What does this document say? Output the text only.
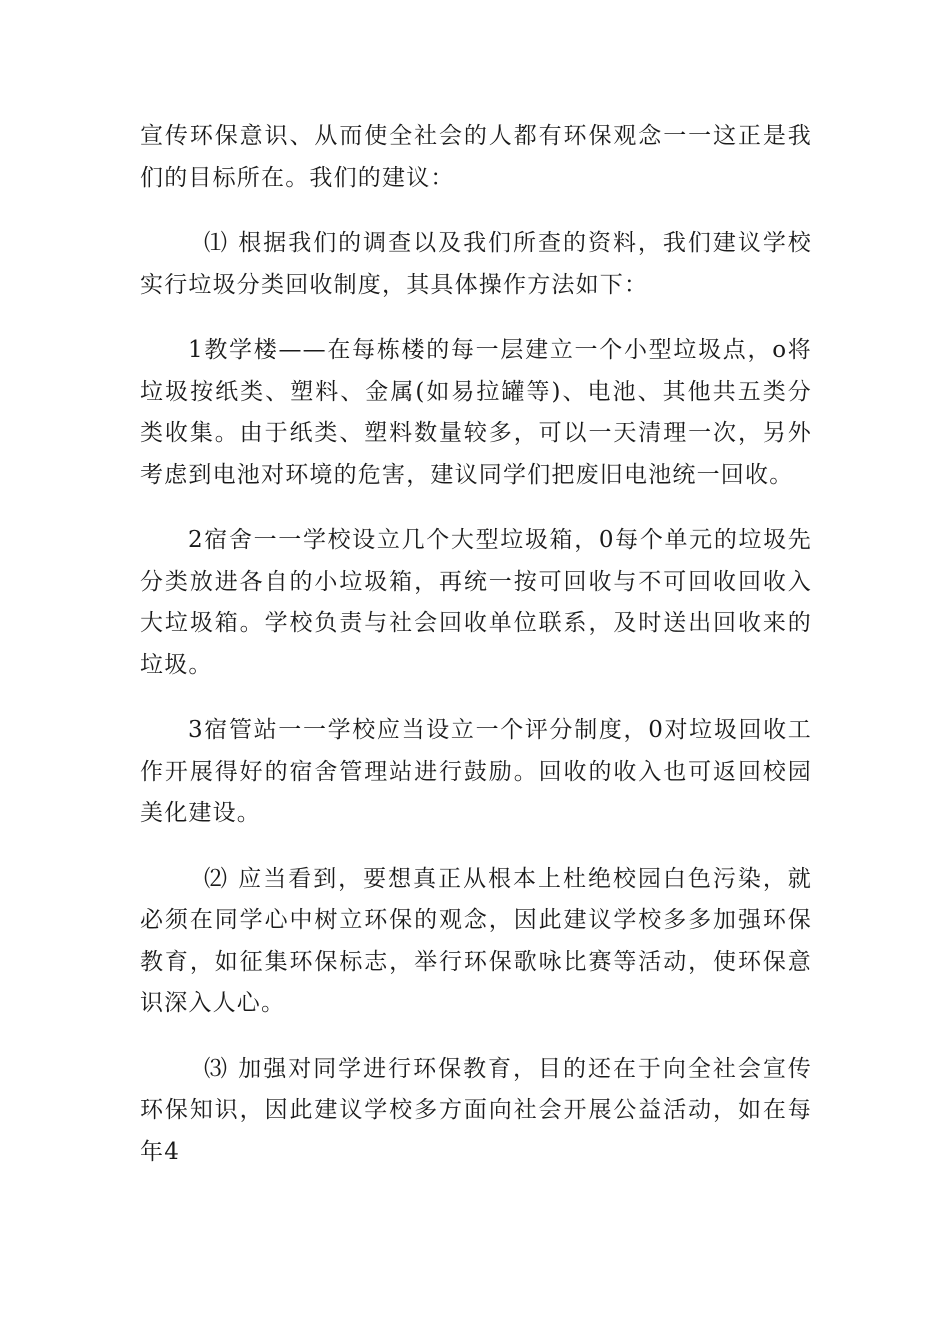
宣传环保意识、从而使全社会的人都有环保观念一一这正是我们的目标所在。我们的建议：

⑴ 根据我们的调查以及我们所查的资料，我们建议学校实行垃圾分类回收制度，其具体操作方法如下：

1教学楼——在每栋楼的每一层建立一个小型垃圾点，o将垃圾按纸类、塑料、金属(如易拉罐等)、电池、其他共五类分类收集。由于纸类、塑料数量较多，可以一天清理一次，另外考虑到电池对环境的危害，建议同学们把废旧电池统一回收。

2宿舍一一学校设立几个大型垃圾箱，0每个单元的垃圾先分类放进各自的小垃圾箱，再统一按可回收与不可回收回收入大垃圾箱。学校负责与社会回收单位联系，及时送出回收来的垃圾。

3宿管站一一学校应当设立一个评分制度，0对垃圾回收工作开展得好的宿舍管理站进行鼓励。回收的收入也可返回校园美化建设。

⑵ 应当看到，要想真正从根本上杜绝校园白色污染，就必须在同学心中树立环保的观念，因此建议学校多多加强环保教育，如征集环保标志，举行环保歌咏比赛等活动，使环保意识深入人心。

⑶ 加强对同学进行环保教育，目的还在于向全社会宣传环保知识，因此建议学校多方面向社会开展公益活动，如在每年4
